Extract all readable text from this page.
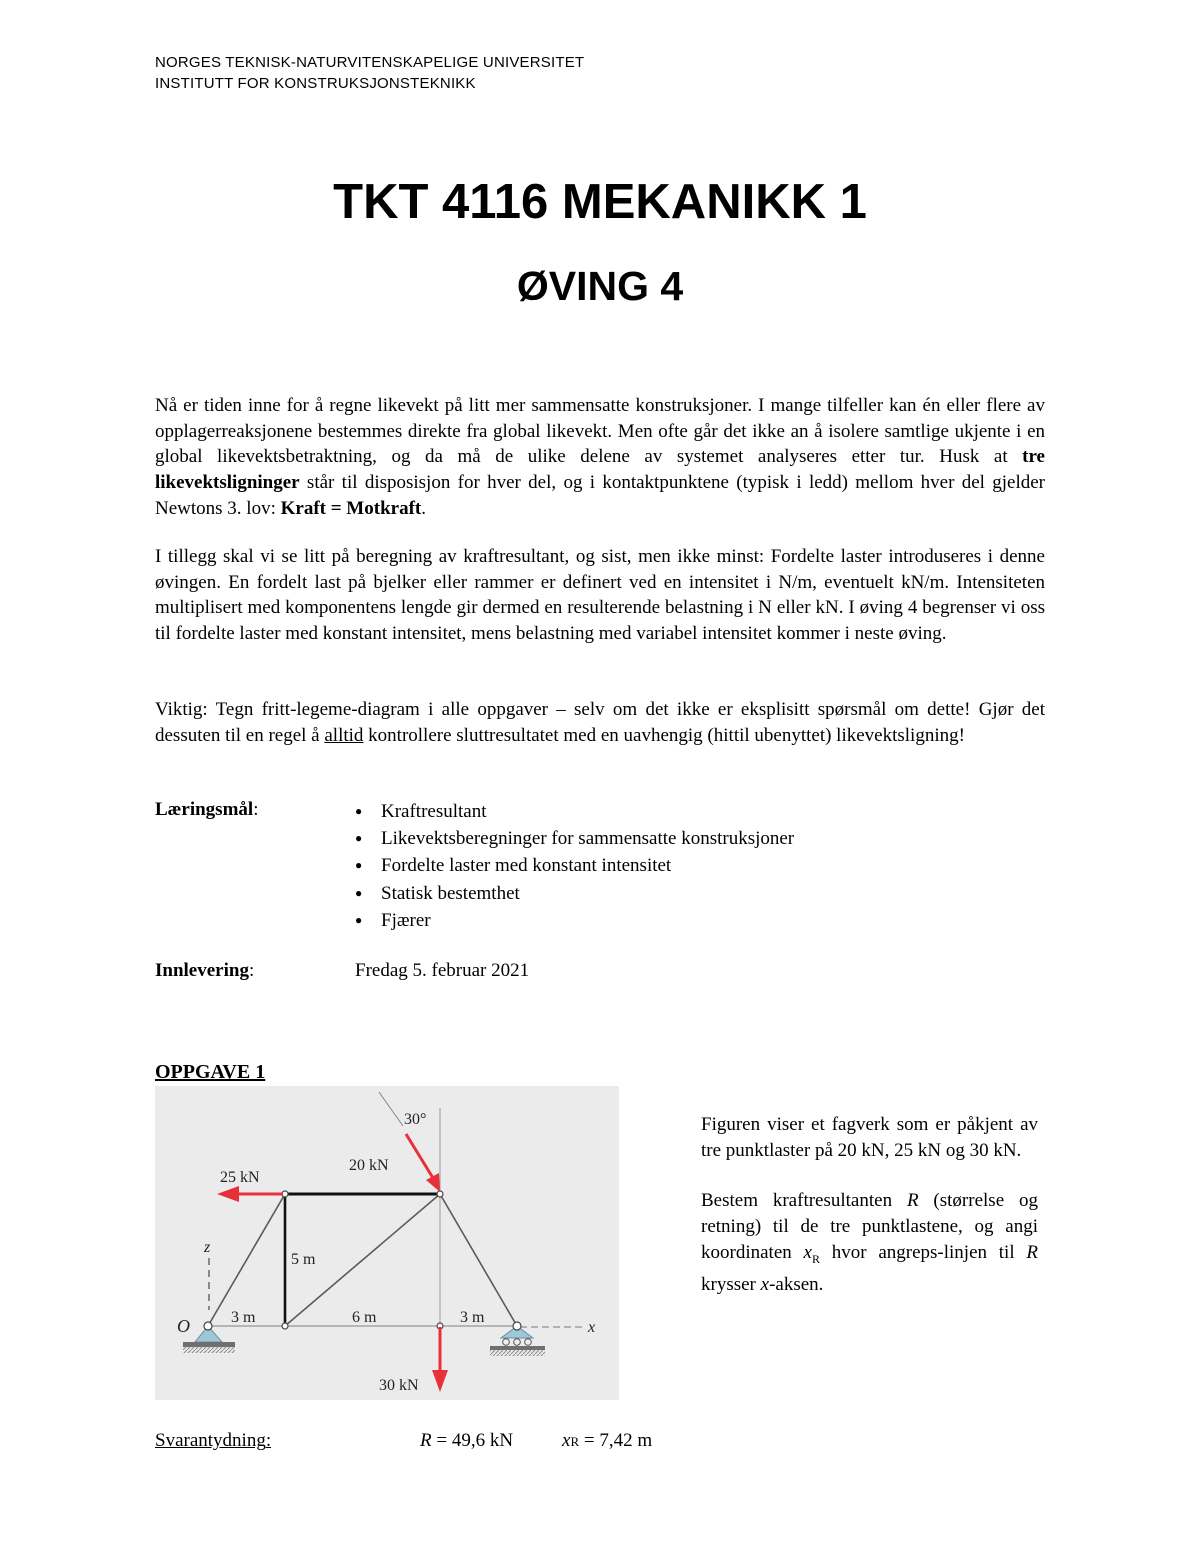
NORGES TEKNISK-NATURVITENSKAPELIGE UNIVERSITET
INSTITUTT FOR KONSTRUKSJONSTEKNIKK
TKT 4116 MEKANIKK 1
ØVING 4
Nå er tiden inne for å regne likevekt på litt mer sammensatte konstruksjoner. I mange tilfeller kan én eller flere av opplagerreaksjonene bestemmes direkte fra global likevekt. Men ofte går det ikke an å isolere samtlige ukjente i en global likevektsbetraktning, og da må de ulike delene av systemet analyseres etter tur. Husk at tre likevektsligninger står til disposisjon for hver del, og i kontaktpunktene (typisk i ledd) mellom hver del gjelder Newtons 3. lov: Kraft = Motkraft.
I tillegg skal vi se litt på beregning av kraftresultant, og sist, men ikke minst: Fordelte laster introduseres i denne øvingen. En fordelt last på bjelker eller rammer er definert ved en intensitet i N/m, eventuelt kN/m. Intensiteten multiplisert med komponentens lengde gir dermed en resulterende belastning i N eller kN. I øving 4 begrenser vi oss til fordelte laster med konstant intensitet, mens belastning med variabel intensitet kommer i neste øving.
Viktig: Tegn fritt-legeme-diagram i alle oppgaver – selv om det ikke er eksplisitt spørsmål om dette! Gjør det dessuten til en regel å alltid kontrollere sluttresultatet med en uavhengig (hittil ubenyttet) likevektsligning!
Læringsmål:
●	Kraftresultant
● Likevektsberegninger for sammensatte konstruksjoner
● Fordelte laster med konstant intensitet
● Statisk bestemthet
● Fjærer
Innlevering:	Fredag 5. februar 2021
OPPGAVE 1
30°
20 kN
25 kN
30 kN
5 m
3 m	6 m	3 m
O	x
z

Figuren viser et fagverk som er påkjent av tre punktlaster på 20 kN, 25 kN og 30 kN.

Bestem kraftresultanten R (størrelse og retning) til de tre punktlastene, og angi koordinaten $x_R$ hvor angreps-linjen til R krysser x-aksen.

Svarantydning:	R = 49,6 kN	xR = 7,42 m
